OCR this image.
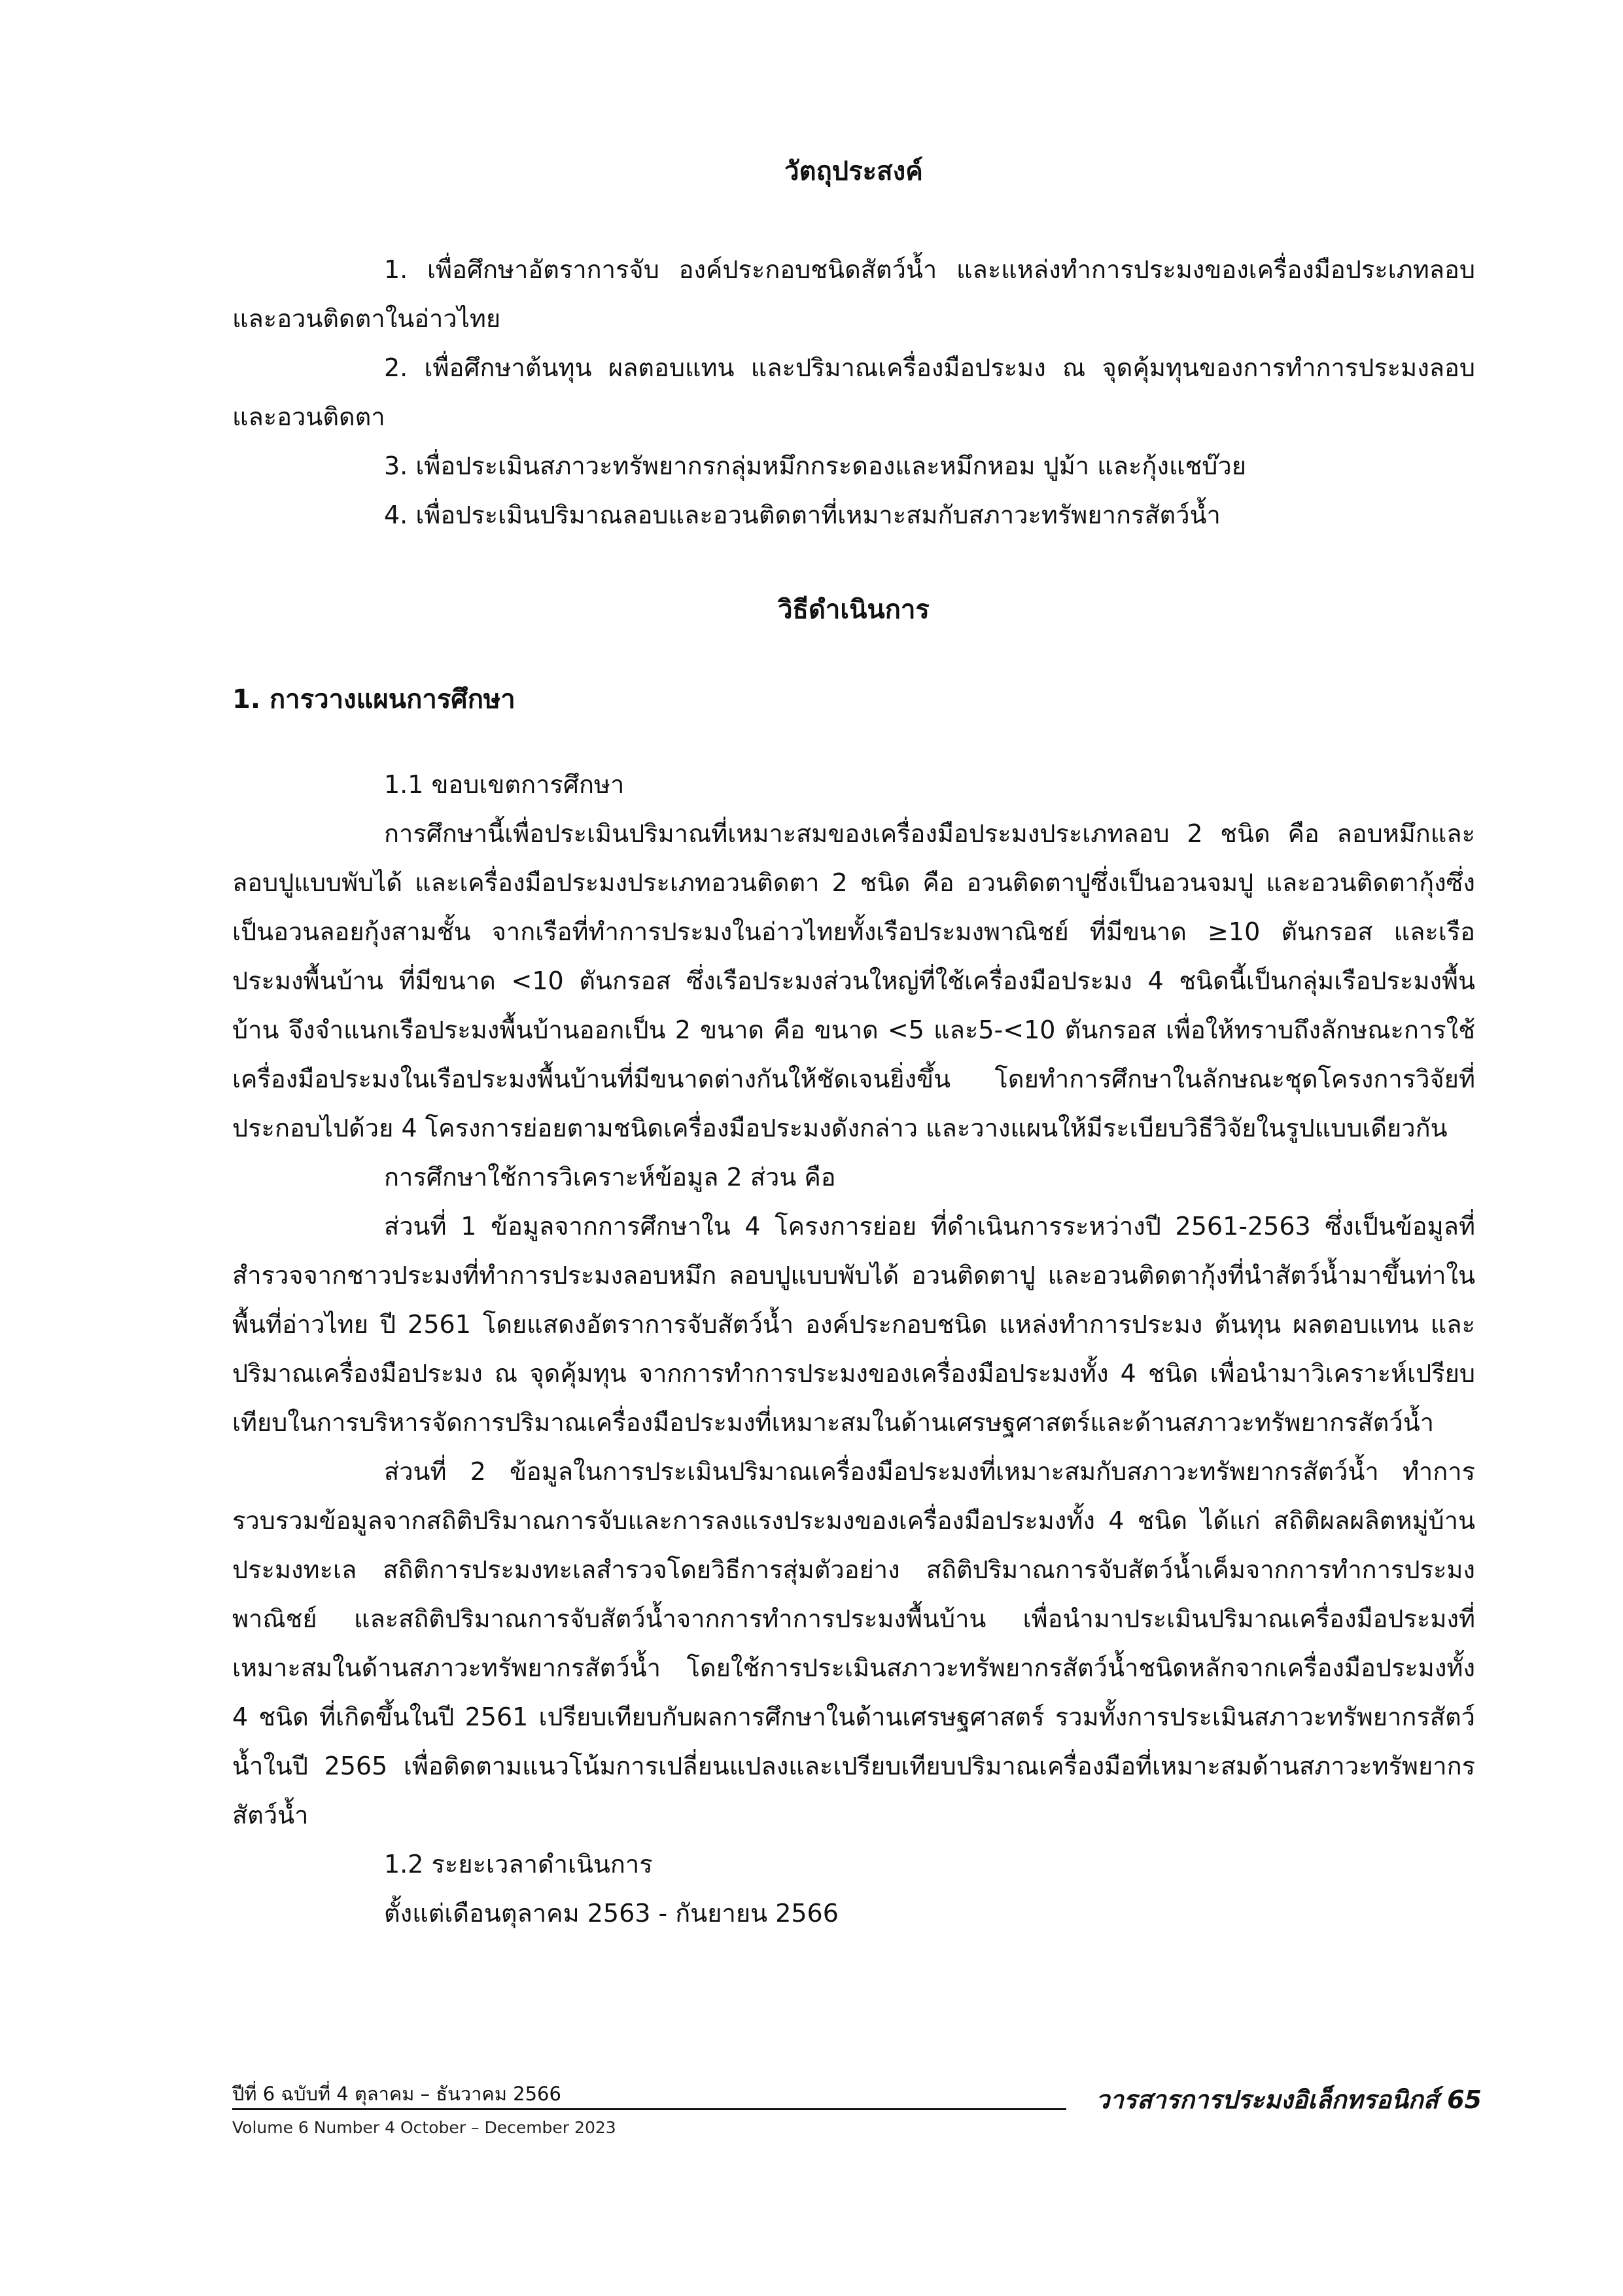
วัตถุประสงค์

1. เพื่อศึกษาอัตราการจับ องค์ประกอบชนิดสัตว์น้ำ และแหล่งทำการประมงของเครื่องมือประเภทลอบและอวนติดตาในอ่าวไทย

2. เพื่อศึกษาต้นทุน ผลตอบแทน และปริมาณเครื่องมือประมง ณ จุดคุ้มทุนของการทำการประมงลอบและอวนติดตา

3. เพื่อประเมินสภาวะทรัพยากรกลุ่มหมึกกระดองและหมึกหอม ปูม้า และกุ้งแชบ๊วย

4. เพื่อประเมินปริมาณลอบและอวนติดตาที่เหมาะสมกับสภาวะทรัพยากรสัตว์น้ำ

วิธีดำเนินการ
1. การวางแผนการศึกษา

1.1 ขอบเขตการศึกษา

การศึกษานี้เพื่อประเมินปริมาณที่เหมาะสมของเครื่องมือประมงประเภทลอบ 2 ชนิด คือ ลอบหมึกและลอบปูแบบพับได้ และเครื่องมือประมงประเภทอวนติดตา 2 ชนิด คือ อวนติดตาปูซึ่งเป็นอวนจมปู และอวนติดตากุ้งซึ่งเป็นอวนลอยกุ้งสามชั้น จากเรือที่ทำการประมงในอ่าวไทยทั้งเรือประมงพาณิชย์ ที่มีขนาด ≥10 ตันกรอส และเรือประมงพื้นบ้าน ที่มีขนาด <10 ตันกรอส ซึ่งเรือประมงส่วนใหญ่ที่ใช้เครื่องมือประมง 4 ชนิดนี้เป็นกลุ่มเรือประมงพื้นบ้าน จึงจำแนกเรือประมงพื้นบ้านออกเป็น 2 ขนาด คือ ขนาด <5 และ5-<10 ตันกรอส เพื่อให้ทราบถึงลักษณะการใช้เครื่องมือประมงในเรือประมงพื้นบ้านที่มีขนาดต่างกันให้ชัดเจนยิ่งขึ้น โดยทำการศึกษาในลักษณะชุดโครงการวิจัยที่ประกอบไปด้วย 4 โครงการย่อยตามชนิดเครื่องมือประมงดังกล่าว และวางแผนให้มีระเบียบวิธีวิจัยในรูปแบบเดียวกัน

การศึกษาใช้การวิเคราะห์ข้อมูล 2 ส่วน คือ

ส่วนที่ 1 ข้อมูลจากการศึกษาใน 4 โครงการย่อย ที่ดำเนินการระหว่างปี 2561-2563 ซึ่งเป็นข้อมูลที่สำรวจจากชาวประมงที่ทำการประมงลอบหมึก ลอบปูแบบพับได้ อวนติดตาปู และอวนติดตากุ้งที่นำสัตว์น้ำมาขึ้นท่าในพื้นที่อ่าวไทย ปี 2561 โดยแสดงอัตราการจับสัตว์น้ำ องค์ประกอบชนิด แหล่งทำการประมง ต้นทุน ผลตอบแทน และปริมาณเครื่องมือประมง ณ จุดคุ้มทุน จากการทำการประมงของเครื่องมือประมงทั้ง 4 ชนิด เพื่อนำมาวิเคราะห์เปรียบเทียบในการบริหารจัดการปริมาณเครื่องมือประมงที่เหมาะสมในด้านเศรษฐศาสตร์และด้านสภาวะทรัพยากรสัตว์น้ำ

ส่วนที่ 2 ข้อมูลในการประเมินปริมาณเครื่องมือประมงที่เหมาะสมกับสภาวะทรัพยากรสัตว์น้ำ ทำการรวบรวมข้อมูลจากสถิติปริมาณการจับและการลงแรงประมงของเครื่องมือประมงทั้ง 4 ชนิด ได้แก่ สถิติผลผลิตหมู่บ้านประมงทะเล สถิติการประมงทะเลสำรวจโดยวิธีการสุ่มตัวอย่าง สถิติปริมาณการจับสัตว์น้ำเค็มจากการทำการประมงพาณิชย์ และสถิติปริมาณการจับสัตว์น้ำจากการทำการประมงพื้นบ้าน เพื่อนำมาประเมินปริมาณเครื่องมือประมงที่เหมาะสมในด้านสภาวะทรัพยากรสัตว์น้ำ โดยใช้การประเมินสภาวะทรัพยากรสัตว์น้ำชนิดหลักจากเครื่องมือประมงทั้ง 4 ชนิด ที่เกิดขึ้นในปี 2561 เปรียบเทียบกับผลการศึกษาในด้านเศรษฐศาสตร์ รวมทั้งการประเมินสภาวะทรัพยากรสัตว์น้ำในปี 2565 เพื่อติดตามแนวโน้มการเปลี่ยนแปลงและเปรียบเทียบปริมาณเครื่องมือที่เหมาะสมด้านสภาวะทรัพยากรสัตว์น้ำ

1.2 ระยะเวลาดำเนินการ

ตั้งแต่เดือนตุลาคม 2563 - กันยายน 2566

ปีที่ 6 ฉบับที่ 4 ตุลาคม – ธันวาคม 2566
Volume 6 Number 4 October – December 2023
วารสารการประมงอิเล็กทรอนิกส์ 65
